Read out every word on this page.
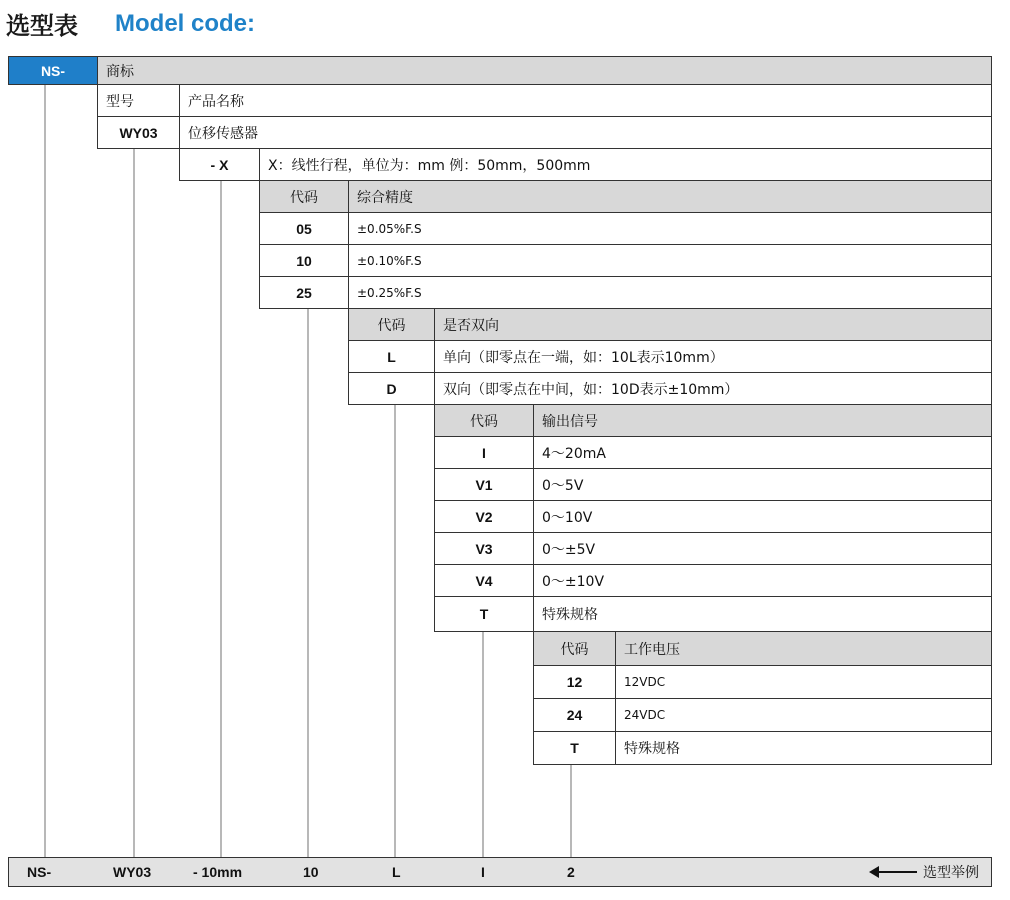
选型表 Model code:
NS-	商标
型号	产品名称
WY03	位移传感器
- X	X：线性行程，单位为：mm 例：50mm，500mm
代码	综合精度
05	±0.05%F.S
10	±0.10%F.S
25	±0.25%F.S
代码	是否双向
L	单向（即零点在一端，如：10L表示10mm）
D	双向（即零点在中间，如：10D表示±10mm）
代码	输出信号
I	4～20mA
V1	0～5V
V2	0～10V
V3	0～±5V
V4	0～±10V
T	特殊规格
代码	工作电压
12	12VDC
24	24VDC
T	特殊规格
NS-	WY03	- 10mm	10	L	I	2	选型举例
